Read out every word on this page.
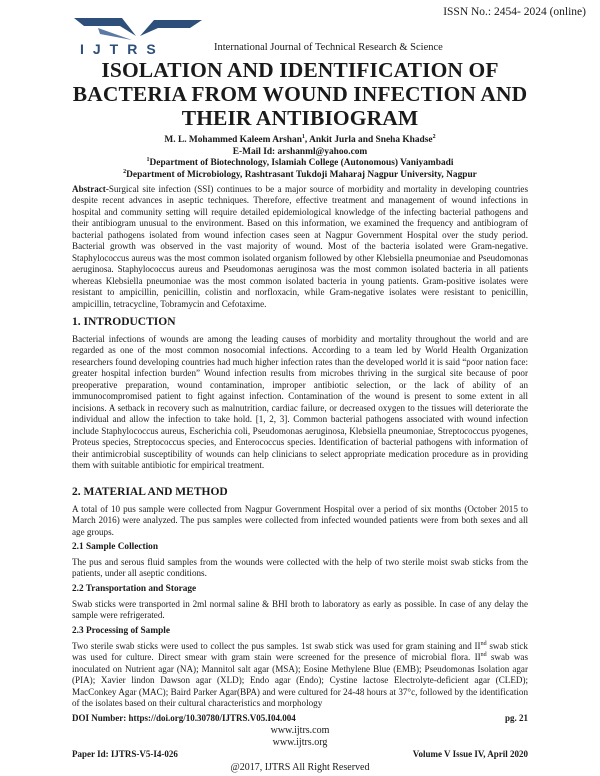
ISSN No.: 2454- 2024 (online)
IJTRS	International Journal of Technical Research & Science
ISOLATION AND IDENTIFICATION OF
BACTERIA FROM WOUND INFECTION AND
THEIR ANTIBIOGRAM
M. L. Mohammed Kaleem Arshan$^1$, Ankit Jurla and Sneha Khadse$^2$
E-Mail Id: arshanml@yahoo.com
$^1$Department of Biotechnology, Islamiah College (Autonomous) Vaniyambadi
$^2$Department of Microbiology, Rashtrasant Tukdoji Maharaj Nagpur University, Nagpur
Abstract-Surgical site infection (SSI) continues to be a major source of morbidity and mortality in developing countries despite recent advances in aseptic techniques. Therefore, effective treatment and management of wound infections in hospital and community setting will require detailed epidemiological knowledge of the infecting bacterial pathogens and their antibiogram unusual to the environment. Based on this information, we examined the frequency and antibiogram of bacterial pathogens isolated from wound infection cases seen at Nagpur Government Hospital over the study period. Bacterial growth was observed in the vast majority of wound. Most of the bacteria isolated were Gram-negative. Staphylococcus aureus was the most common isolated organism followed by other Klebsiella pneumoniae and Pseudomonas aeruginosa. Staphylococcus aureus and Pseudomonas aeruginosa was the most common isolated bacteria in all patients whereas Klebsiella pneumoniae was the most common isolated bacteria in young patients. Gram-positive isolates were resistant to ampicillin, penicillin, colistin and norfloxacin, while Gram-negative isolates were resistant to penicillin, ampicillin, tetracycline, Tobramycin and Cefotaxime.
1. INTRODUCTION
Bacterial infections of wounds are among the leading causes of morbidity and mortality throughout the world and are regarded as one of the most common nosocomial infections. According to a team led by World Health Organization researchers found developing countries had much higher infection rates than the developed world it is said “poor nation face: greater hospital infection burden” Wound infection results from microbes thriving in the surgical site because of poor preoperative preparation, wound contamination, improper antibiotic selection, or the lack of ability of an immunocompromised patient to fight against infection. Contamination of the wound is present to some extent in all incisions. A setback in recovery such as malnutrition, cardiac failure, or decreased oxygen to the tissues will deteriorate the individual and allow the infection to take hold. [1, 2, 3]. Common bacterial pathogens associated with wound infection include Staphylococcus aureus, Escherichia coli, Pseudomonas aeruginosa, Klebsiella pneumoniae, Streptococcus pyogenes, Proteus species, Streptococcus species, and Enterococcus species. Identification of bacterial pathogens with information of their antimicrobial susceptibility of wounds can help clinicians to select appropriate medication procedure as in providing them with suitable antibiotic for empirical treatment.
2. MATERIAL AND METHOD
A total of 10 pus sample were collected from Nagpur Government Hospital over a period of six months (October 2015 to March 2016) were analyzed. The pus samples were collected from infected wounded patients were from both sexes and all age groups.
2.1 Sample Collection
The pus and serous fluid samples from the wounds were collected with the help of two sterile moist swab sticks from the patients, under all aseptic conditions.
2.2 Transportation and Storage
Swab sticks were transported in 2ml normal saline & BHI broth to laboratory as early as possible. In case of any delay the sample were refrigerated.
2.3 Processing of Sample
Two sterile swab sticks were used to collect the pus samples. 1st swab stick was used for gram staining and IInd swab stick was used for culture. Direct smear with gram stain were screened for the presence of microbial flora. IInd swab was inoculated on Nutrient agar (NA); Mannitol salt agar (MSA); Eosine Methylene Blue (EMB); Pseudomonas Isolation agar (PIA); Xavier lindon Dawson agar (XLD); Endo agar (Endo); Cystine lactose Electrolyte-deficient agar (CLED); MacConkey Agar (MAC); Baird Parker Agar(BPA) and were cultured for 24-48 hours at 37°c, followed by the identification of the isolates based on their cultural characteristics and morphology
DOI Number: https://doi.org/10.30780/IJTRS.V05.I04.004	pg. 21
www.ijtrs.com
www.ijtrs.org
Paper Id: IJTRS-V5-I4-026	Volume V Issue IV, April 2020
@2017, IJTRS All Right Reserved
